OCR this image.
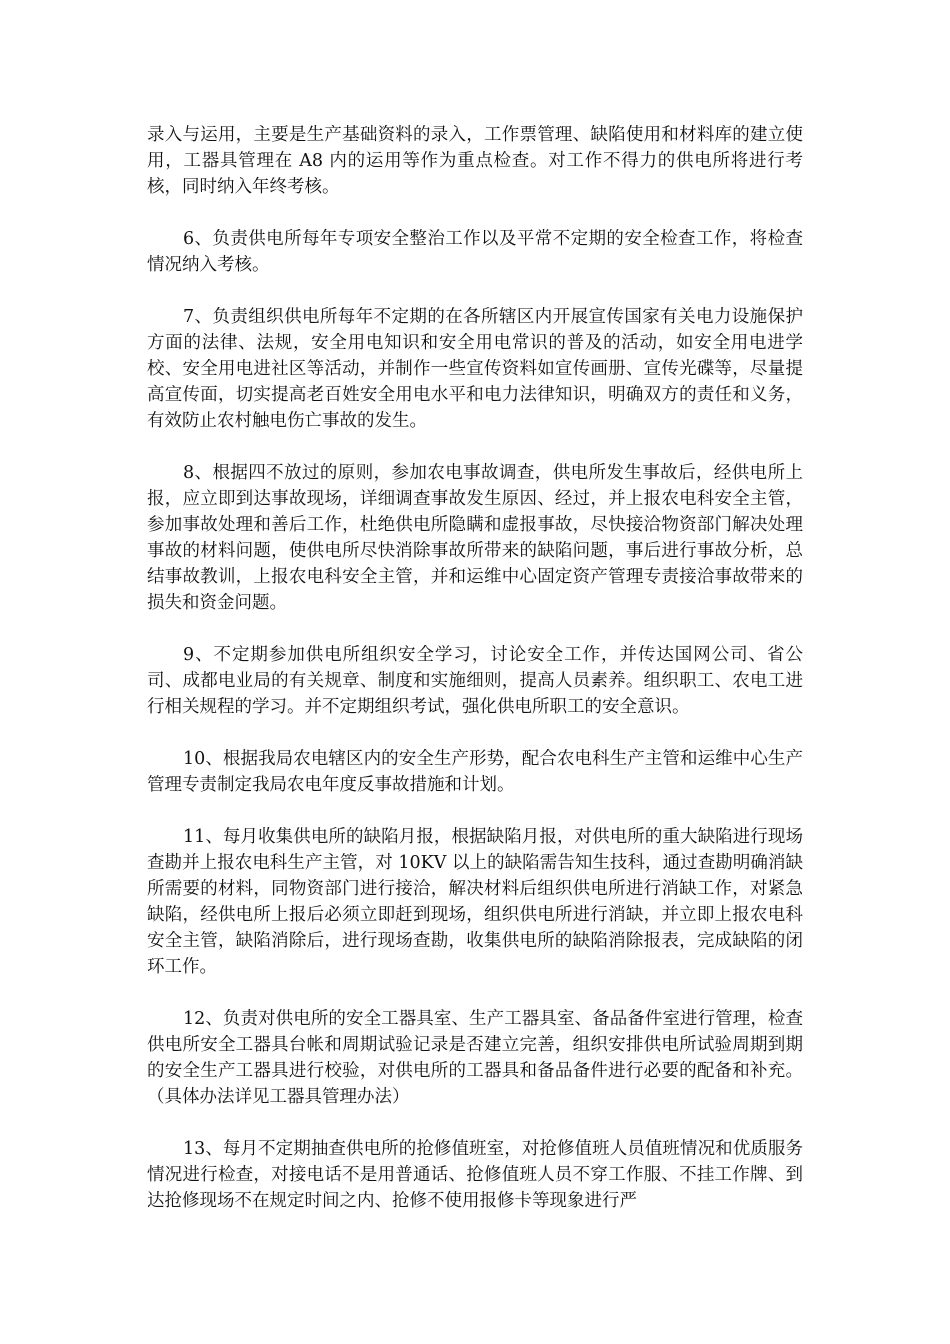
录入与运用，主要是生产基础资料的录入，工作票管理、缺陷使用和材料库的建立使用，工器具管理在 A8 内的运用等作为重点检查。对工作不得力的供电所将进行考核，同时纳入年终考核。

6、负责供电所每年专项安全整治工作以及平常不定期的安全检查工作，将检查情况纳入考核。

7、负责组织供电所每年不定期的在各所辖区内开展宣传国家有关电力设施保护方面的法律、法规，安全用电知识和安全用电常识的普及的活动，如安全用电进学校、安全用电进社区等活动，并制作一些宣传资料如宣传画册、宣传光碟等，尽量提高宣传面，切实提高老百姓安全用电水平和电力法律知识，明确双方的责任和义务，有效防止农村触电伤亡事故的发生。

8、根据四不放过的原则，参加农电事故调查，供电所发生事故后，经供电所上报，应立即到达事故现场，详细调查事故发生原因、经过，并上报农电科安全主管，参加事故处理和善后工作，杜绝供电所隐瞒和虚报事故，尽快接洽物资部门解决处理事故的材料问题，使供电所尽快消除事故所带来的缺陷问题，事后进行事故分析，总结事故教训，上报农电科安全主管，并和运维中心固定资产管理专责接洽事故带来的损失和资金问题。

9、不定期参加供电所组织安全学习，讨论安全工作，并传达国网公司、省公司、成都电业局的有关规章、制度和实施细则，提高人员素养。组织职工、农电工进行相关规程的学习。并不定期组织考试，强化供电所职工的安全意识。

10、根据我局农电辖区内的安全生产形势，配合农电科生产主管和运维中心生产管理专责制定我局农电年度反事故措施和计划。

11、每月收集供电所的缺陷月报，根据缺陷月报，对供电所的重大缺陷进行现场查勘并上报农电科生产主管，对 10KV 以上的缺陷需告知生技科，通过查勘明确消缺所需要的材料，同物资部门进行接洽，解决材料后组织供电所进行消缺工作，对紧急缺陷，经供电所上报后必须立即赶到现场，组织供电所进行消缺，并立即上报农电科安全主管，缺陷消除后，进行现场查勘，收集供电所的缺陷消除报表，完成缺陷的闭环工作。

12、负责对供电所的安全工器具室、生产工器具室、备品备件室进行管理，检查供电所安全工器具台帐和周期试验记录是否建立完善，组织安排供电所试验周期到期的安全生产工器具进行校验，对供电所的工器具和备品备件进行必要的配备和补充。（具体办法详见工器具管理办法）

13、每月不定期抽查供电所的抢修值班室，对抢修值班人员值班情况和优质服务情况进行检查，对接电话不是用普通话、抢修值班人员不穿工作服、不挂工作牌、到达抢修现场不在规定时间之内、抢修不使用报修卡等现象进行严
